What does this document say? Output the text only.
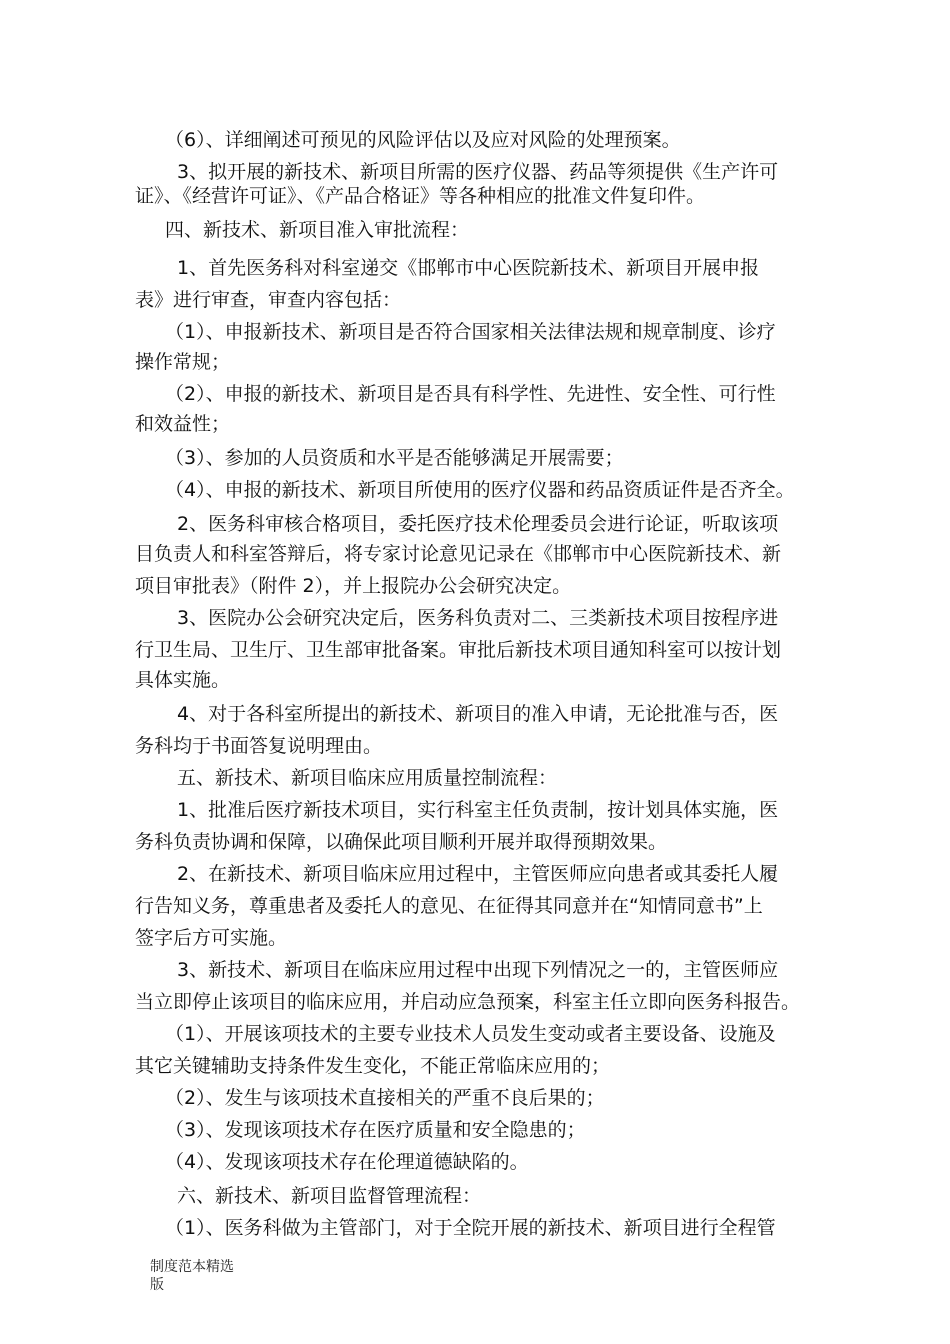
（6）、详细阐述可预见的风险评估以及应对风险的处理预案。
3、拟开展的新技术、新项目所需的医疗仪器、药品等须提供《生产许可
证》、《经营许可证》、《产品合格证》等各种相应的批准文件复印件。
四、新技术、新项目准入审批流程：
1、首先医务科对科室递交《邯郸市中心医院新技术、新项目开展申报
表》进行审查，审查内容包括：
（1）、申报新技术、新项目是否符合国家相关法律法规和规章制度、诊疗
操作常规；
（2）、申报的新技术、新项目是否具有科学性、先进性、安全性、可行性
和效益性；
（3）、参加的人员资质和水平是否能够满足开展需要；
（4）、申报的新技术、新项目所使用的医疗仪器和药品资质证件是否齐全。
2、医务科审核合格项目，委托医疗技术伦理委员会进行论证，听取该项
目负责人和科室答辩后，将专家讨论意见记录在《邯郸市中心医院新技术、新
项目审批表》（附件 2），并上报院办公会研究决定。
3、医院办公会研究决定后，医务科负责对二、三类新技术项目按程序进
行卫生局、卫生厅、卫生部审批备案。审批后新技术项目通知科室可以按计划
具体实施。
4、对于各科室所提出的新技术、新项目的准入申请，无论批准与否，医
务科均于书面答复说明理由。
五、新技术、新项目临床应用质量控制流程：
1、批准后医疗新技术项目，实行科室主任负责制，按计划具体实施，医
务科负责协调和保障，以确保此项目顺利开展并取得预期效果。
2、在新技术、新项目临床应用过程中，主管医师应向患者或其委托人履
行告知义务，尊重患者及委托人的意见、在征得其同意并在“知情同意书”上
签字后方可实施。
3、新技术、新项目在临床应用过程中出现下列情况之一的，主管医师应
当立即停止该项目的临床应用，并启动应急预案，科室主任立即向医务科报告。
（1）、开展该项技术的主要专业技术人员发生变动或者主要设备、设施及
其它关键辅助支持条件发生变化，不能正常临床应用的；
（2）、发生与该项技术直接相关的严重不良后果的；
（3）、发现该项技术存在医疗质量和安全隐患的；
（4）、发现该项技术存在伦理道德缺陷的。
六、新技术、新项目监督管理流程：
（1）、医务科做为主管部门，对于全院开展的新技术、新项目进行全程管
制度范本精选
版
